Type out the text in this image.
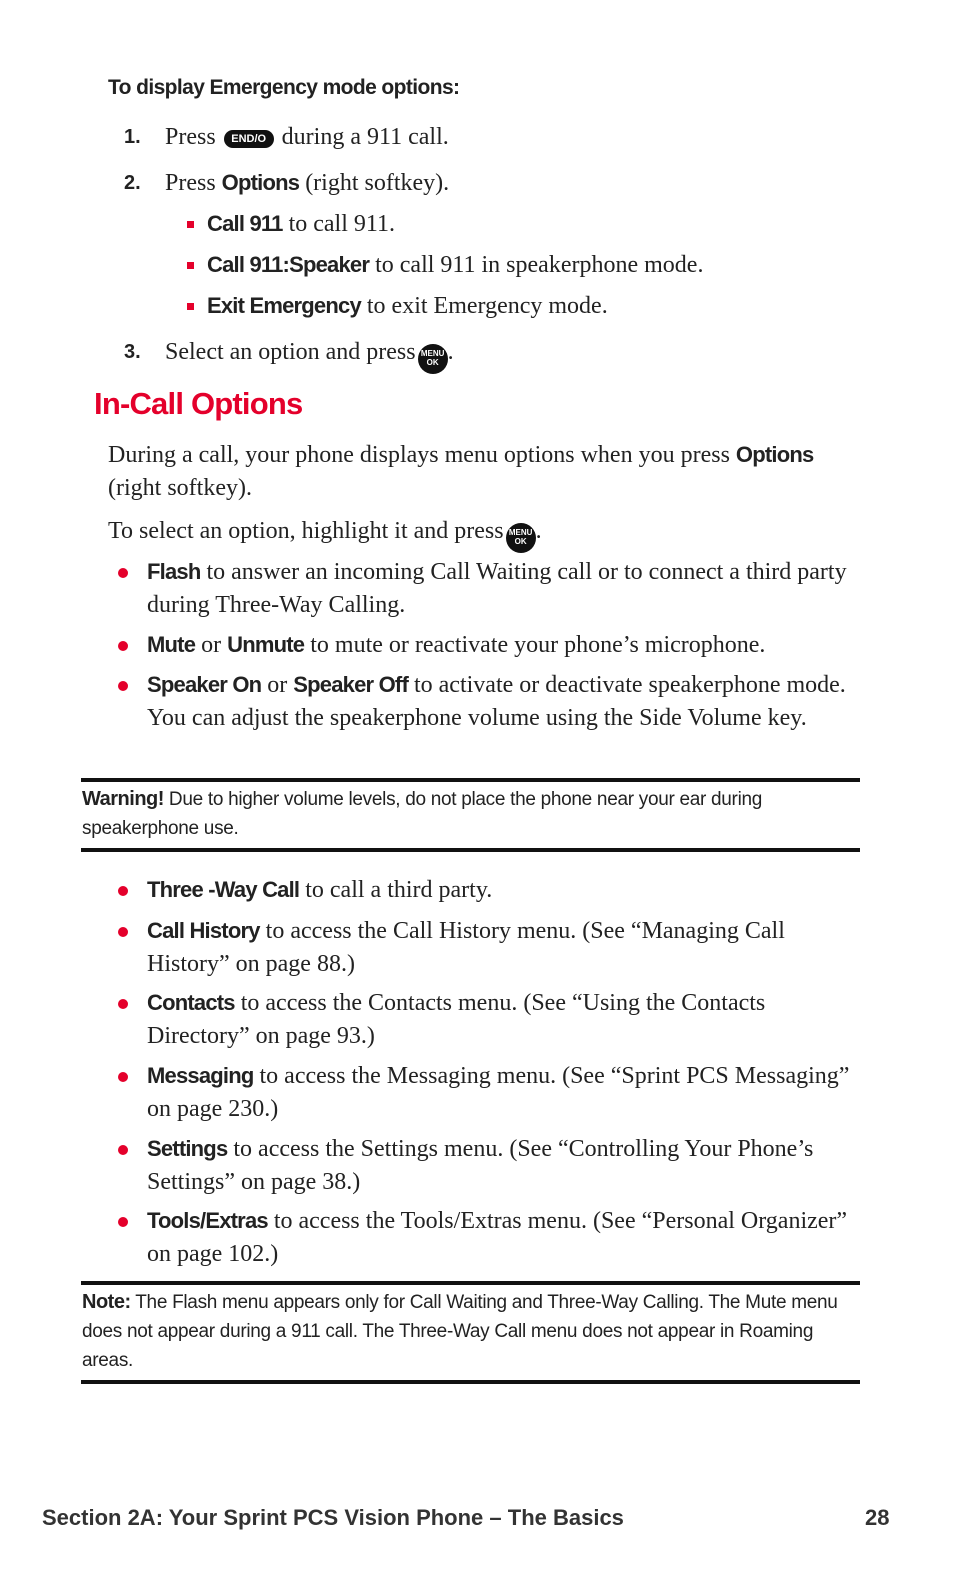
To display Emergency mode options:
1. Press END/O during a 911 call.
2. Press Options (right softkey).
Call 911 to call 911.
Call 911:Speaker to call 911 in speakerphone mode.
Exit Emergency to exit Emergency mode.
3. Select an option and press MENU
OK .
In-Call Options
During a call, your phone displays menu options when you press Options (right softkey).
To select an option, highlight it and press MENU
OK .
Flash to answer an incoming Call Waiting call or to connect a third party during Three-Way Calling.
Mute or Unmute to mute or reactivate your phone’s microphone.
Speaker On or Speaker Off to activate or deactivate speakerphone mode. You can adjust the speakerphone volume using the Side Volume key.
Warning! Due to higher volume levels, do not place the phone near your ear during speakerphone use.
Three -Way Call to call a third party.
Call History to access the Call History menu. (See “Managing Call History” on page 88.)
Contacts to access the Contacts menu. (See “Using the Contacts Directory” on page 93.)
Messaging to access the Messaging menu. (See “Sprint PCS Messaging” on page 230.)
Settings to access the Settings menu. (See “Controlling Your Phone’s Settings” on page 38.)
Tools/Extras to access the Tools/Extras menu. (See “Personal Organizer” on page 102.)
Note: The Flash menu appears only for Call Waiting and Three-Way Calling. The Mute menu does not appear during a 911 call. The Three-Way Call menu does not appear in Roaming areas.
Section 2A: Your Sprint PCS Vision Phone – The Basics	28
